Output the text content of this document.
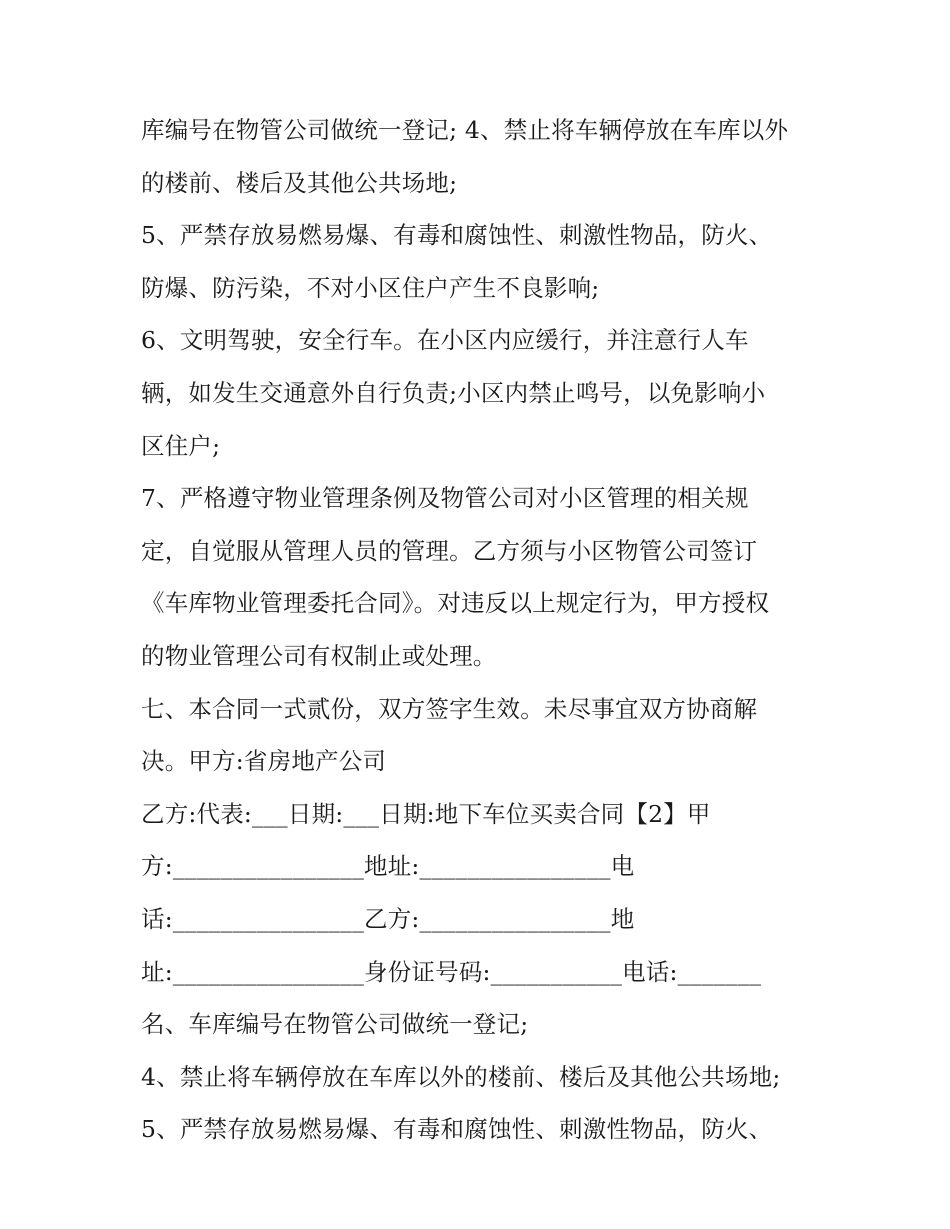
库编号在物管公司做统一登记; 4、禁止将车辆停放在车库以外
的楼前、楼后及其他公共场地;
5、严禁存放易燃易爆、有毒和腐蚀性、刺激性物品，防火、
防爆、防污染，不对小区住户产生不良影响;
6、文明驾驶，安全行车。在小区内应缓行，并注意行人车
辆，如发生交通意外自行负责;小区内禁止鸣号，以免影响小
区住户;
7、严格遵守物业管理条例及物管公司对小区管理的相关规
定，自觉服从管理人员的管理。乙方须与小区物管公司签订
《车库物业管理委托合同》。对违反以上规定行为，甲方授权
的物业管理公司有权制止或处理。
七、本合同一式贰份，双方签字生效。未尽事宜双方协商解
决。甲方:省房地产公司
乙方:代表:___日期:___日期:地下车位买卖合同【2】甲
方:________________地址:________________电
话:________________乙方:________________地
址:________________身份证号码:___________电话:_______
名、车库编号在物管公司做统一登记;
4、禁止将车辆停放在车库以外的楼前、楼后及其他公共场地;
5、严禁存放易燃易爆、有毒和腐蚀性、刺激性物品，防火、
